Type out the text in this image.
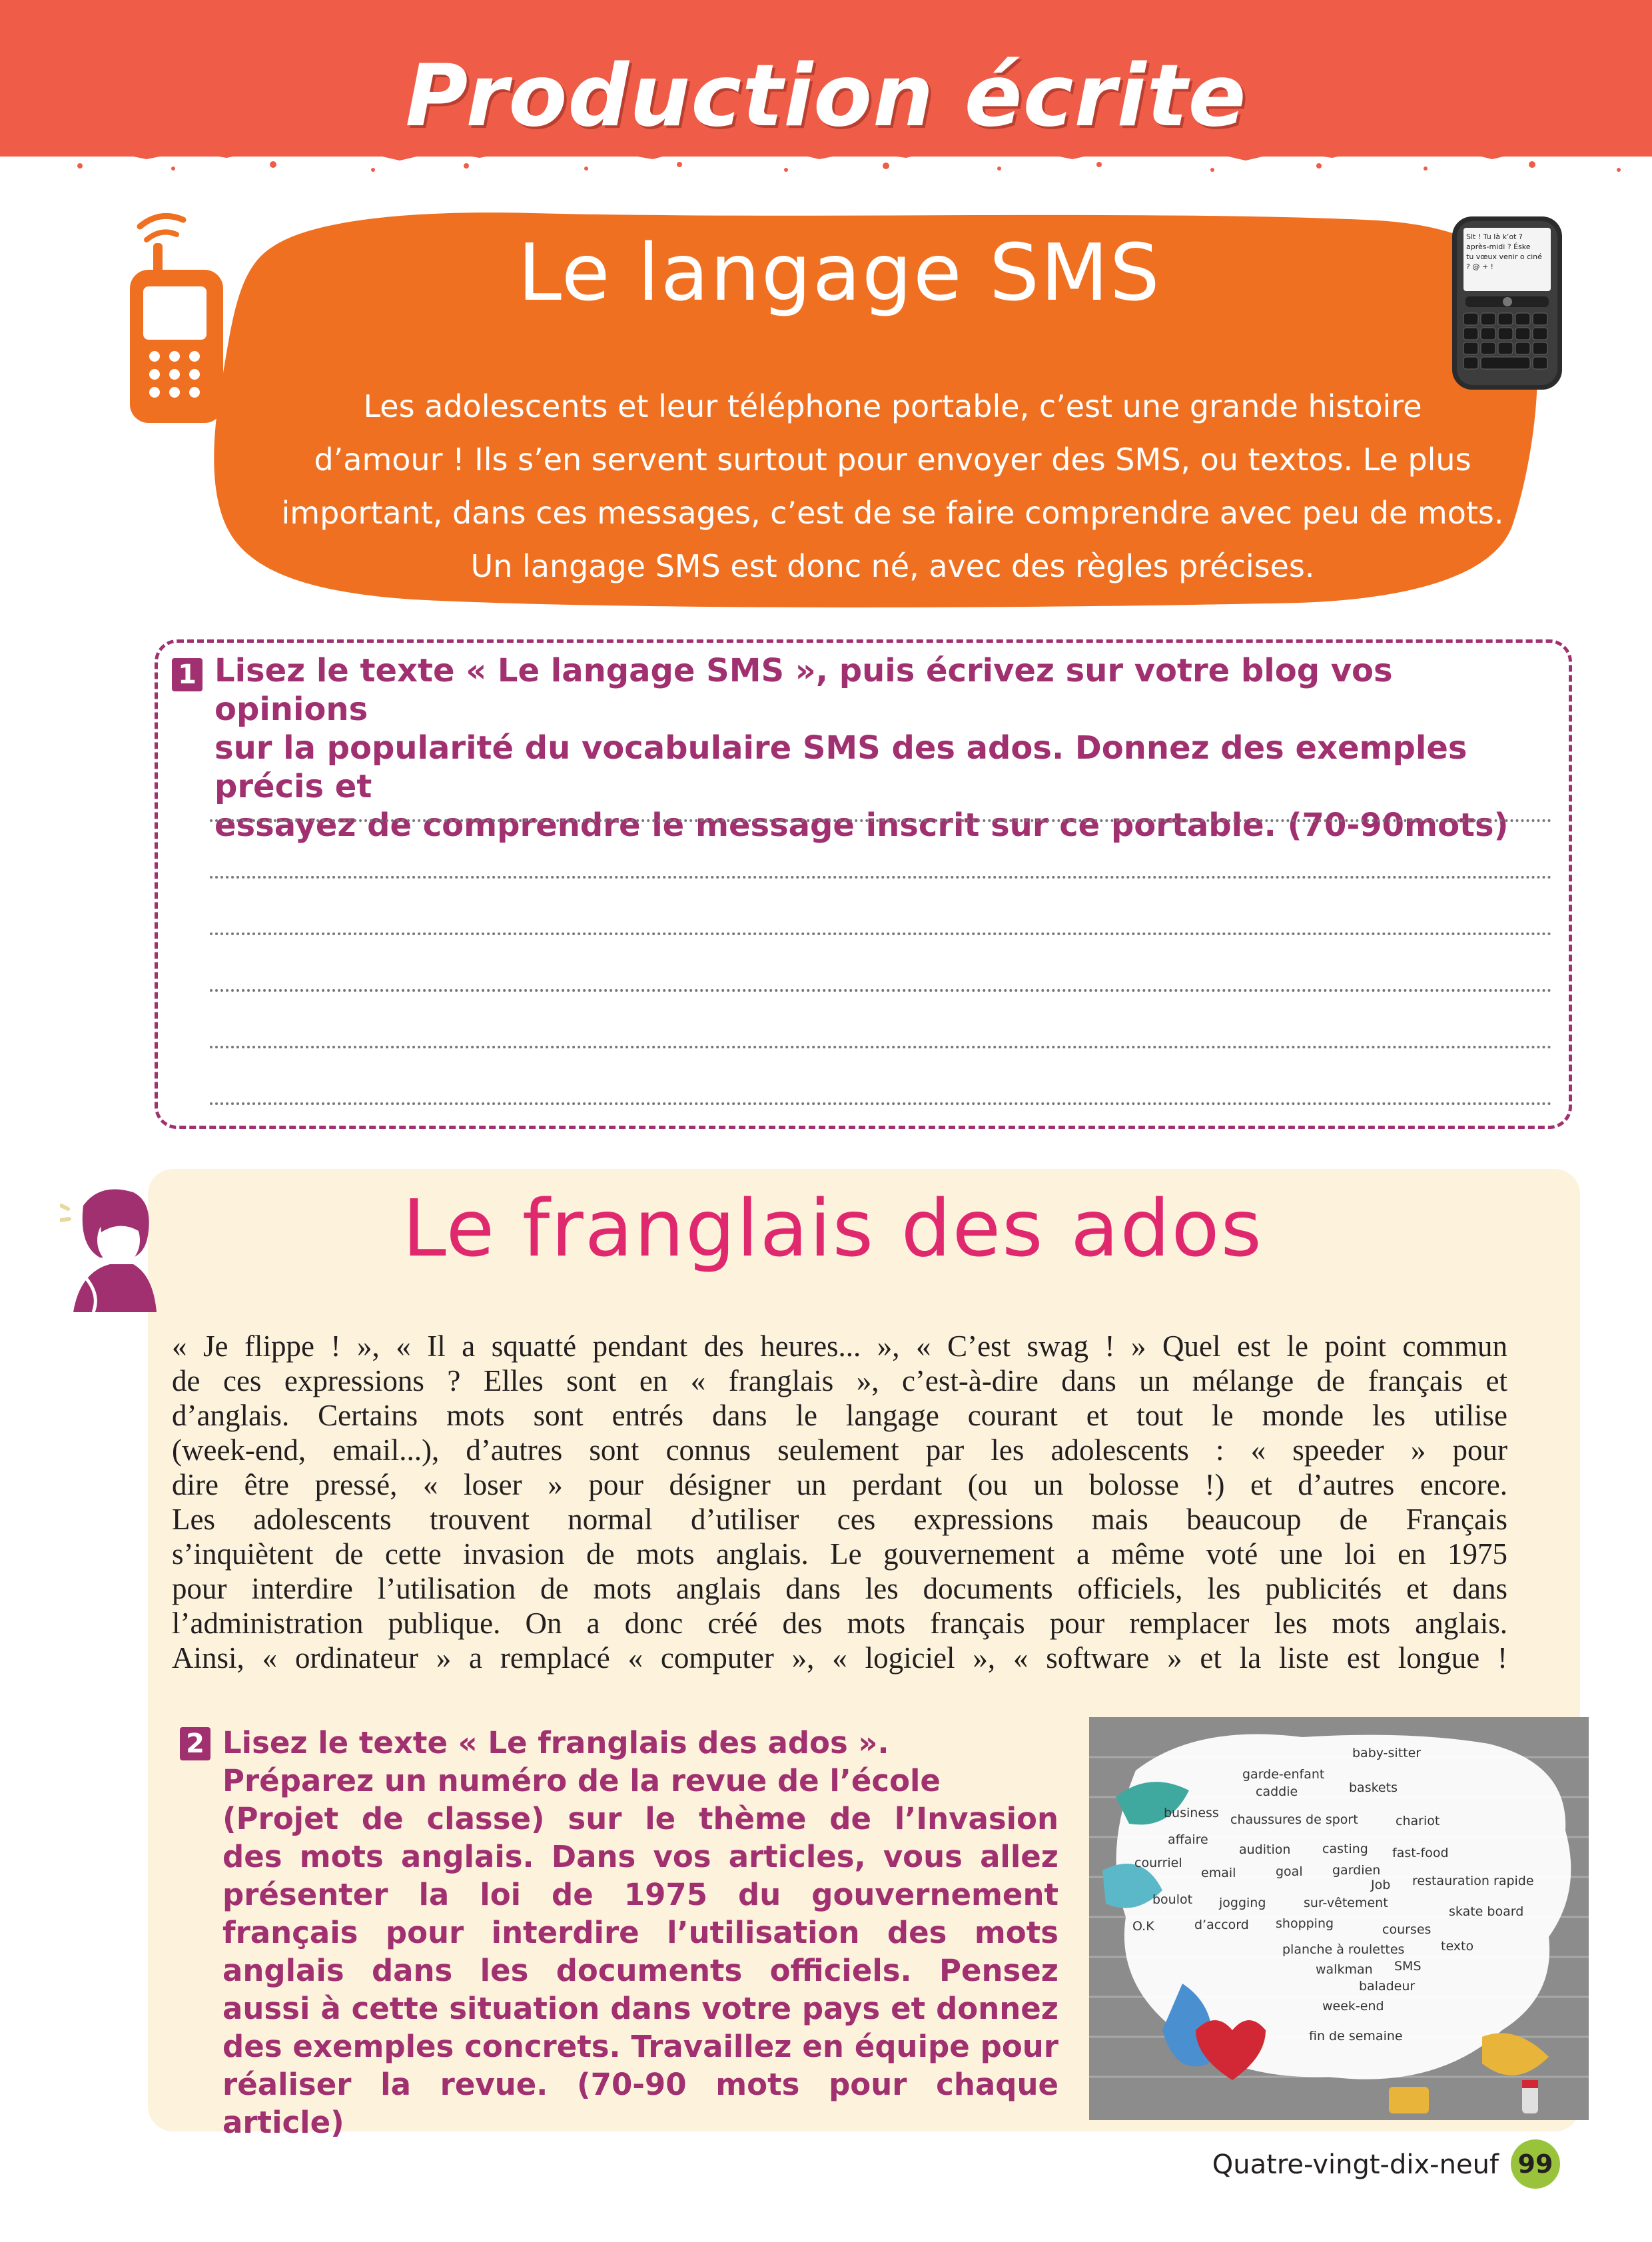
Production écrite
Slt ! Tu là k’ot ?
après-midi ? Éske
tu vœux venir o ciné
? @ + !
Le langage SMS
Les adolescents et leur téléphone portable, c’est une grande histoire
d’amour ! Ils s’en servent surtout pour envoyer des SMS, ou textos. Le plus
important, dans ces messages, c’est de se faire comprendre avec peu de mots.
Un langage SMS est donc né, avec des règles précises.
1 Lisez le texte « Le langage SMS », puis écrivez sur votre blog vos opinions
sur la popularité du vocabulaire SMS des ados. Donnez des exemples précis et
essayez de comprendre le message inscrit sur ce portable. (70-90mots)
Le franglais des ados
« Je flippe ! », « Il a squatté pendant des heures... », « C’est swag ! » Quel est le point commun
de ces expressions ? Elles sont en « franglais », c’est-à-dire dans un mélange de français et
d’anglais. Certains mots sont entrés dans le langage courant et tout le monde les utilise
(week-end, email...), d’autres sont connus seulement par les adolescents : « speeder » pour
dire être pressé, « loser » pour désigner un perdant (ou un bolosse !) et d’autres encore.
Les adolescents trouvent normal d’utiliser ces expressions mais beaucoup de Français
s’inquiètent de cette invasion de mots anglais. Le gouvernement a même voté une loi en 1975
pour interdire l’utilisation de mots anglais dans les documents officiels, les publicités et dans
l’administration publique. On a donc créé des mots français pour remplacer les mots anglais.
Ainsi, « ordinateur » a remplacé « computer », « logiciel », « software » et la liste est longue !
2 Lisez le texte « Le franglais des ados ».
Préparez un numéro de la revue de l’école
(Projet de classe) sur le thème de l’Invasion
des mots anglais. Dans vos articles, vous allez
présenter la loi de 1975 du gouvernement
français pour interdire l’utilisation des mots
anglais dans les documents officiels. Pensez
aussi à cette situation dans votre pays et donnez
des exemples concrets. Travaillez en équipe pour
réaliser la revue. (70-90 mots pour chaque article)
baby-sitter
garde-enfant
caddie	baskets
business chaussures de sport	chariot
affaire
audition	casting fast-food
courriel
email	goal gardien
Job restauration rapide
boulot jogging	sur-vêtement
skate board
O.K	d’accord shopping	courses
planche à roulettes	texto
walkman SMS
baladeur
week-end
fin de semaine
Quatre-vingt-dix-neuf 99
